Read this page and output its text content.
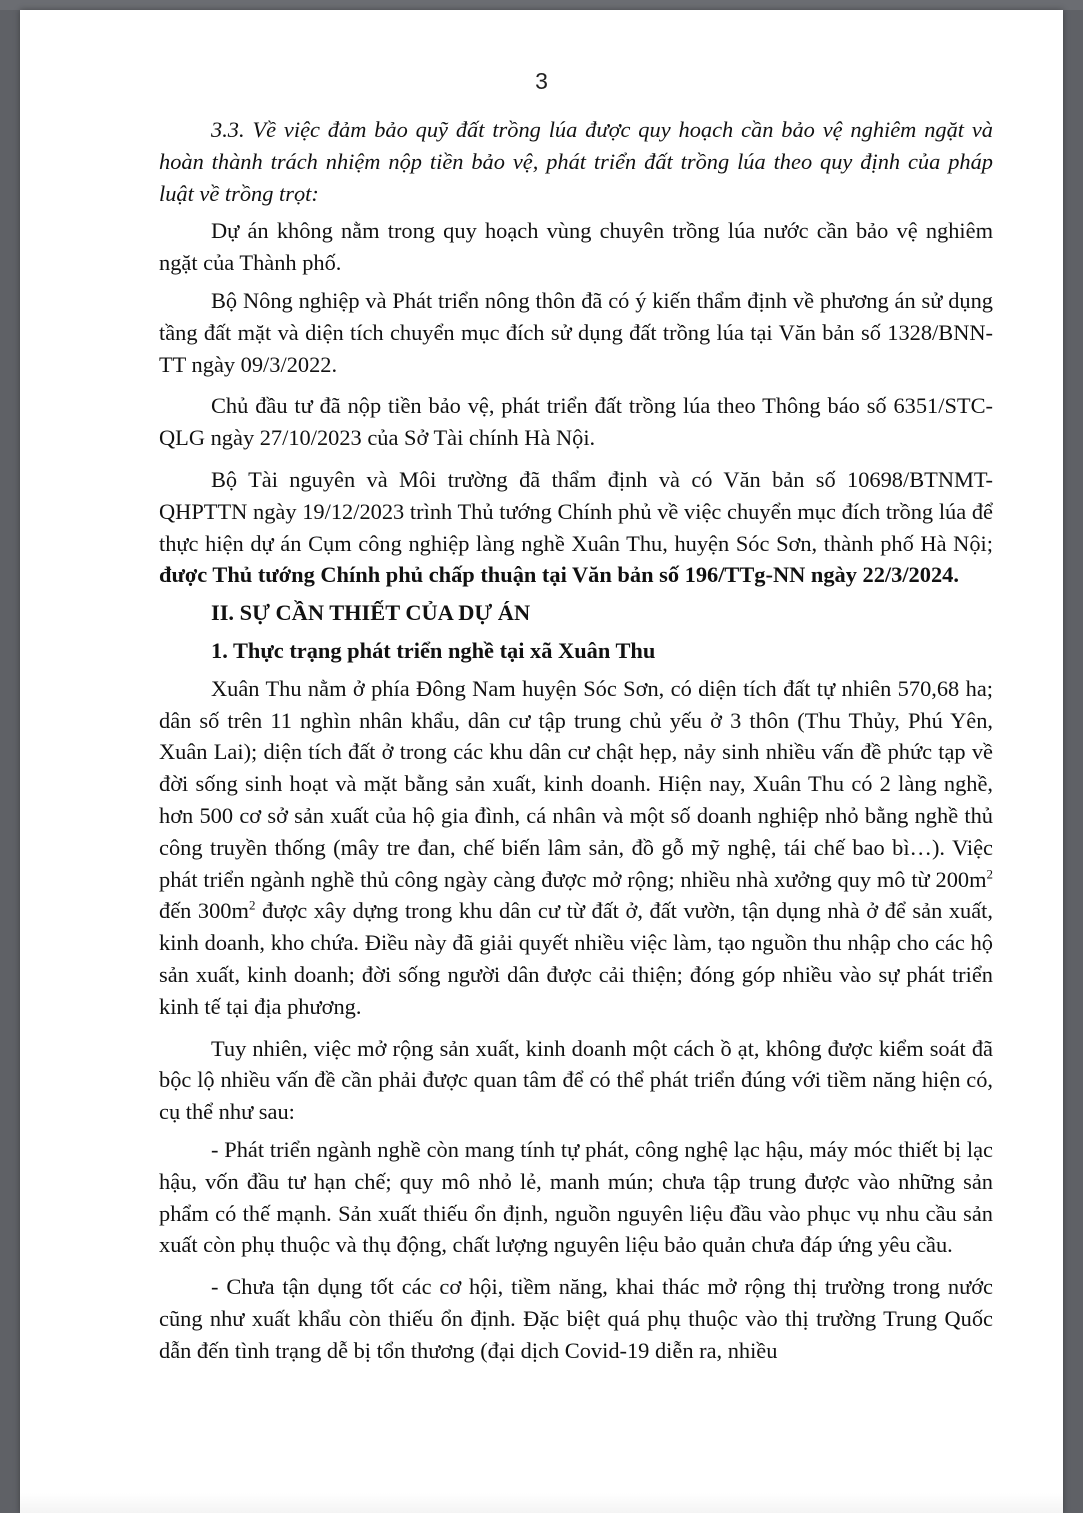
3

3.3. Về việc đảm bảo quỹ đất trồng lúa được quy hoạch cần bảo vệ nghiêm ngặt và hoàn thành trách nhiệm nộp tiền bảo vệ, phát triển đất trồng lúa theo quy định của pháp luật về trồng trọt:

Dự án không nằm trong quy hoạch vùng chuyên trồng lúa nước cần bảo vệ nghiêm ngặt của Thành phố.

Bộ Nông nghiệp và Phát triển nông thôn đã có ý kiến thẩm định về phương án sử dụng tầng đất mặt và diện tích chuyển mục đích sử dụng đất trồng lúa tại Văn bản số 1328/BNN-TT ngày 09/3/2022.

Chủ đầu tư đã nộp tiền bảo vệ, phát triển đất trồng lúa theo Thông báo số 6351/STC-QLG ngày 27/10/2023 của Sở Tài chính Hà Nội.

Bộ Tài nguyên và Môi trường đã thẩm định và có Văn bản số 10698/BTNMT-QHPTTN ngày 19/12/2023 trình Thủ tướng Chính phủ về việc chuyển mục đích trồng lúa để thực hiện dự án Cụm công nghiệp làng nghề Xuân Thu, huyện Sóc Sơn, thành phố Hà Nội; được Thủ tướng Chính phủ chấp thuận tại Văn bản số 196/TTg-NN ngày 22/3/2024.

II. SỰ CẦN THIẾT CỦA DỰ ÁN

1. Thực trạng phát triển nghề tại xã Xuân Thu

Xuân Thu nằm ở phía Đông Nam huyện Sóc Sơn, có diện tích đất tự nhiên 570,68 ha; dân số trên 11 nghìn nhân khẩu, dân cư tập trung chủ yếu ở 3 thôn (Thu Thủy, Phú Yên, Xuân Lai); diện tích đất ở trong các khu dân cư chật hẹp, nảy sinh nhiều vấn đề phức tạp về đời sống sinh hoạt và mặt bằng sản xuất, kinh doanh. Hiện nay, Xuân Thu có 2 làng nghề, hơn 500 cơ sở sản xuất của hộ gia đình, cá nhân và một số doanh nghiệp nhỏ bằng nghề thủ công truyền thống (mây tre đan, chế biến lâm sản, đồ gỗ mỹ nghệ, tái chế bao bì…). Việc phát triển ngành nghề thủ công ngày càng được mở rộng; nhiều nhà xưởng quy mô từ $200m^2$ đến $300m^2$ được xây dựng trong khu dân cư từ đất ở, đất vườn, tận dụng nhà ở để sản xuất, kinh doanh, kho chứa. Điều này đã giải quyết nhiều việc làm, tạo nguồn thu nhập cho các hộ sản xuất, kinh doanh; đời sống người dân được cải thiện; đóng góp nhiều vào sự phát triển kinh tế tại địa phương.

Tuy nhiên, việc mở rộng sản xuất, kinh doanh một cách ồ ạt, không được kiểm soát đã bộc lộ nhiều vấn đề cần phải được quan tâm để có thể phát triển đúng với tiềm năng hiện có, cụ thể như sau:

- Phát triển ngành nghề còn mang tính tự phát, công nghệ lạc hậu, máy móc thiết bị lạc hậu, vốn đầu tư hạn chế; quy mô nhỏ lẻ, manh mún; chưa tập trung được vào những sản phẩm có thế mạnh. Sản xuất thiếu ổn định, nguồn nguyên liệu đầu vào phục vụ nhu cầu sản xuất còn phụ thuộc và thụ động, chất lượng nguyên liệu bảo quản chưa đáp ứng yêu cầu.

- Chưa tận dụng tốt các cơ hội, tiềm năng, khai thác mở rộng thị trường trong nước cũng như xuất khẩu còn thiếu ổn định. Đặc biệt quá phụ thuộc vào thị trường Trung Quốc dẫn đến tình trạng dễ bị tổn thương (đại dịch Covid-19 diễn ra, nhiều
